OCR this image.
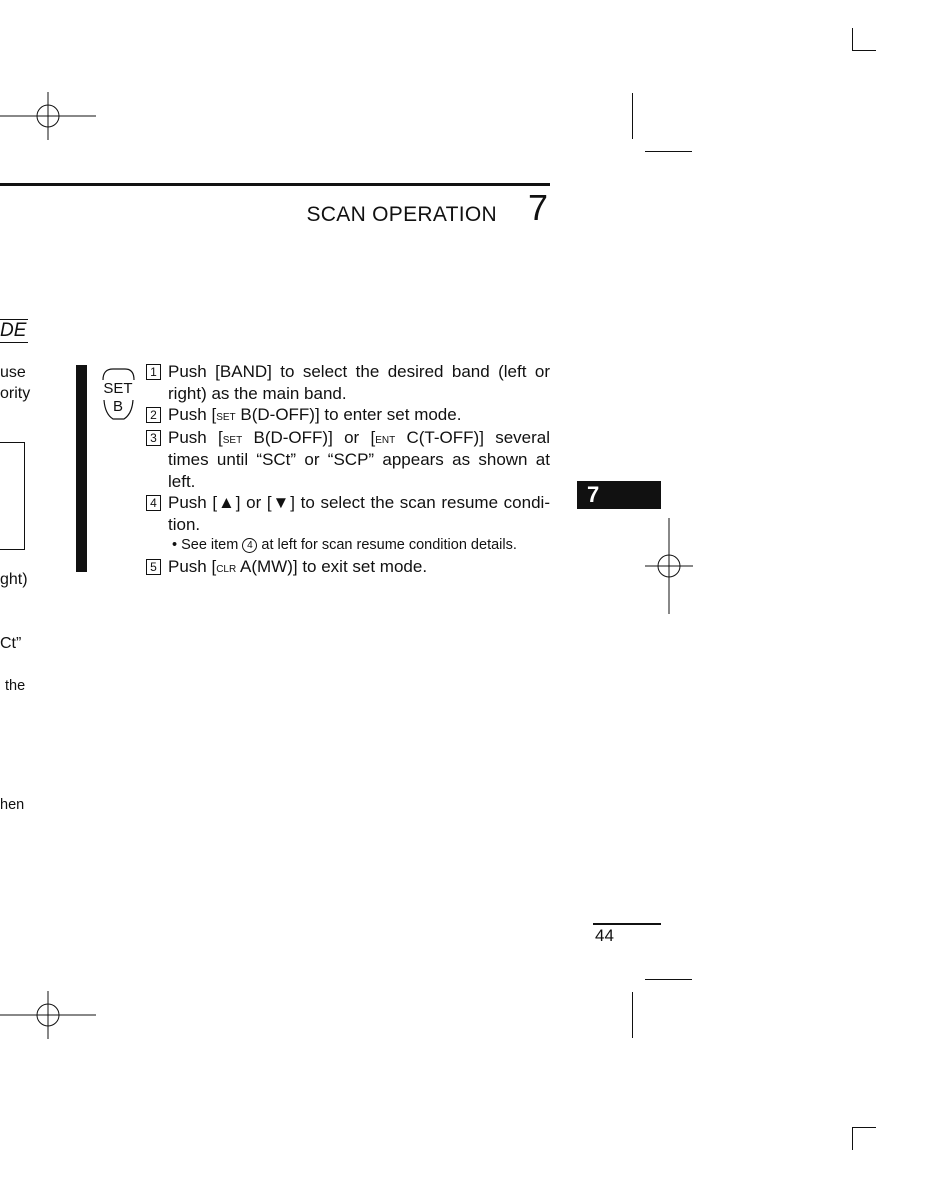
SCAN OPERATION 7
DE
use
ority
ght)
Ct”
the
hen
SET
B
1 Push [BAND] to select the desired band (left or right) as the main band.
2 Push [set B(D-OFF)] to enter set mode.
3 Push [set B(D-OFF)] or [ent C(T-OFF)] several times until “SCt” or “SCP” appears as shown at left.
4 Push [▲] or [▼] to select the scan resume condi-tion.
• See item 4 at left for scan resume condition details.
5 Push [clr A(MW)] to exit set mode.
7
44
